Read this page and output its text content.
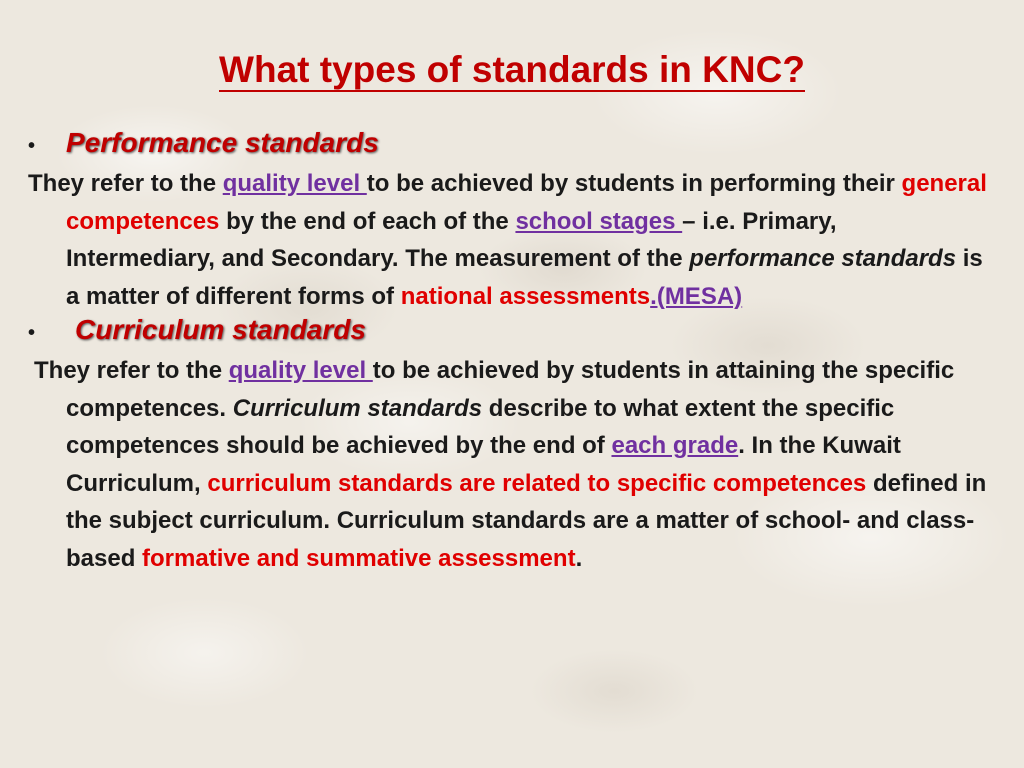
What types of standards in KNC?
• Performance standards

They refer to the quality level to be achieved by students in performing their general competences by the end of each of the school stages – i.e. Primary, Intermediary, and Secondary. The measurement of the performance standards is a matter of different forms of national assessments.(MESA)

• Curriculum standards

They refer to the quality level to be achieved by students in attaining the specific competences. Curriculum standards describe to what extent the specific competences should be achieved by the end of each grade. In the Kuwait Curriculum, curriculum standards are related to specific competences defined in the subject curriculum. Curriculum standards are a matter of school- and class-based formative and summative assessment.
